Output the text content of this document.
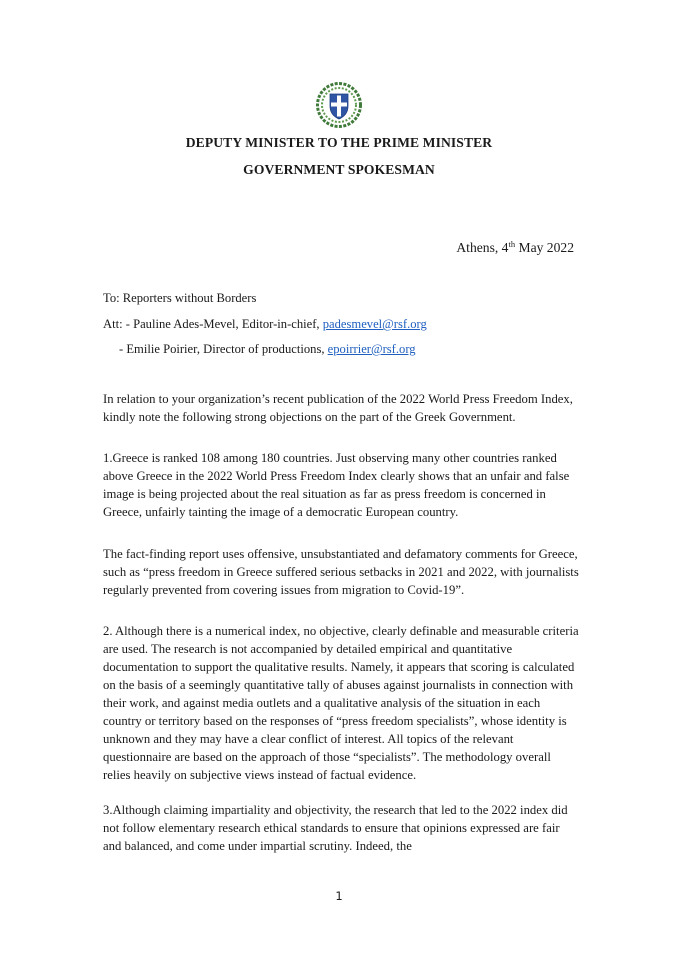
DEPUTY MINISTER TO THE PRIME MINISTER
GOVERNMENT SPOKESMAN
Athens, 4th May 2022
To: Reporters without Borders
Att: - Pauline Ades-Mevel, Editor-in-chief, padesmevel@rsf.org
- Emilie Poirier, Director of productions, epoirrier@rsf.org

In relation to your organization’s recent publication of the 2022 World Press Freedom Index, kindly note the following strong objections on the part of the Greek Government.

1.Greece is ranked 108 among 180 countries. Just observing many other countries ranked above Greece in the 2022 World Press Freedom Index clearly shows that an unfair and false image is being projected about the real situation as far as press freedom is concerned in Greece, unfairly tainting the image of a democratic European country.

The fact-finding report uses offensive, unsubstantiated and defamatory comments for Greece, such as “press freedom in Greece suffered serious setbacks in 2021 and 2022, with journalists regularly prevented from covering issues from migration to Covid-19”.

2. Although there is a numerical index, no objective, clearly definable and measurable criteria are used. The research is not accompanied by detailed empirical and quantitative documentation to support the qualitative results. Namely, it appears that scoring is calculated on the basis of a seemingly quantitative tally of abuses against journalists in connection with their work, and against media outlets and a qualitative analysis of the situation in each country or territory based on the responses of “press freedom specialists”, whose identity is unknown and they may have a clear conflict of interest. All topics of the relevant questionnaire are based on the approach of those “specialists”. The methodology overall relies heavily on subjective views instead of factual evidence.

3.Although claiming impartiality and objectivity, the research that led to the 2022 index did not follow elementary research ethical standards to ensure that opinions expressed are fair and balanced, and come under impartial scrutiny. Indeed, the

1
